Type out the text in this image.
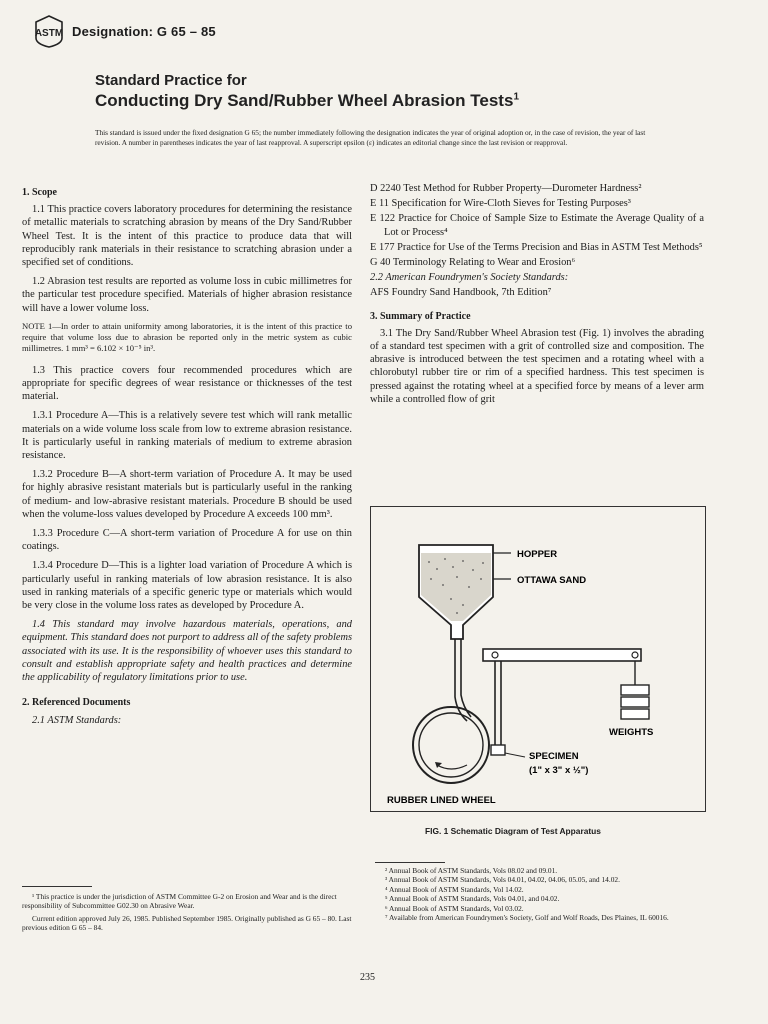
ASTM Designation: G 65 – 85
Standard Practice for
Conducting Dry Sand/Rubber Wheel Abrasion Tests$^1$
This standard is issued under the fixed designation G 65; the number immediately following the designation indicates the year of original adoption or, in the case of revision, the year of last revision. A number in parentheses indicates the year of last reapproval. A superscript epsilon (ε) indicates an editorial change since the last revision or reapproval.
1. Scope

1.1 This practice covers laboratory procedures for determining the resistance of metallic materials to scratching abrasion by means of the Dry Sand/Rubber Wheel Test. It is the intent of this practice to produce data that will reproducibly rank materials in their resistance to scratching abrasion under a specified set of conditions.

1.2 Abrasion test results are reported as volume loss in cubic millimetres for the particular test procedure specified. Materials of higher abrasion resistance will have a lower volume loss.

NOTE 1—In order to attain uniformity among laboratories, it is the intent of this practice to require that volume loss due to abrasion be reported only in the metric system as cubic millimetres. 1 mm³ = 6.102 × 10⁻⁵ in³.

1.3 This practice covers four recommended procedures which are appropriate for specific degrees of wear resistance or thicknesses of the test material.

1.3.1 Procedure A—This is a relatively severe test which will rank metallic materials on a wide volume loss scale from low to extreme abrasion resistance. It is particularly useful in ranking materials of medium to extreme abrasion resistance.

1.3.2 Procedure B—A short-term variation of Procedure A. It may be used for highly abrasive resistant materials but is particularly useful in the ranking of medium- and low-abrasive resistant materials. Procedure B should be used when the volume-loss values developed by Procedure A exceeds 100 mm³.

1.3.3 Procedure C—A short-term variation of Procedure A for use on thin coatings.

1.3.4 Procedure D—This is a lighter load variation of Procedure A which is particularly useful in ranking materials of low abrasion resistance. It is also used in ranking materials of a specific generic type or materials which would be very close in the volume loss rates as developed by Procedure A.

1.4 This standard may involve hazardous materials, operations, and equipment. This standard does not purport to address all of the safety problems associated with its use. It is the responsibility of whoever uses this standard to consult and establish appropriate safety and health practices and determine the applicability of regulatory limitations prior to use.

2. Referenced Documents

2.1 ASTM Standards:

D 2240 Test Method for Rubber Property—Durometer Hardness²

E 11 Specification for Wire-Cloth Sieves for Testing Purposes³

E 122 Practice for Choice of Sample Size to Estimate the Average Quality of a Lot or Process⁴

E 177 Practice for Use of the Terms Precision and Bias in ASTM Test Methods⁵

G 40 Terminology Relating to Wear and Erosion⁶

2.2 American Foundrymen's Society Standards:

AFS Foundry Sand Handbook, 7th Edition⁷

3. Summary of Practice

3.1 The Dry Sand/Rubber Wheel Abrasion test (Fig. 1) involves the abrading of a standard test specimen with a grit of controlled size and composition. The abrasive is introduced between the test specimen and a rotating wheel with a chlorobutyl rubber tire or rim of a specified hardness. This test specimen is pressed against the rotating wheel at a specified force by means of a lever arm while a controlled flow of grit

HOPPER
OTTAWA SAND
WEIGHTS
SPECIMEN
(1" x 3" x ½")
RUBBER LINED WHEEL
FIG. 1 Schematic Diagram of Test Apparatus
¹ This practice is under the jurisdiction of ASTM Committee G-2 on Erosion and Wear and is the direct responsibility of Subcommittee G02.30 on Abrasive Wear.
Current edition approved July 26, 1985. Published September 1985. Originally published as G 65 – 80. Last previous edition G 65 – 84.
² Annual Book of ASTM Standards, Vols 08.02 and 09.01.
³ Annual Book of ASTM Standards, Vols 04.01, 04.02, 04.06, 05.05, and 14.02.
⁴ Annual Book of ASTM Standards, Vol 14.02.
⁵ Annual Book of ASTM Standards, Vols 04.01, and 04.02.
⁶ Annual Book of ASTM Standards, Vol 03.02.
⁷ Available from American Foundrymen's Society, Golf and Wolf Roads, Des Plaines, IL 60016.
235
